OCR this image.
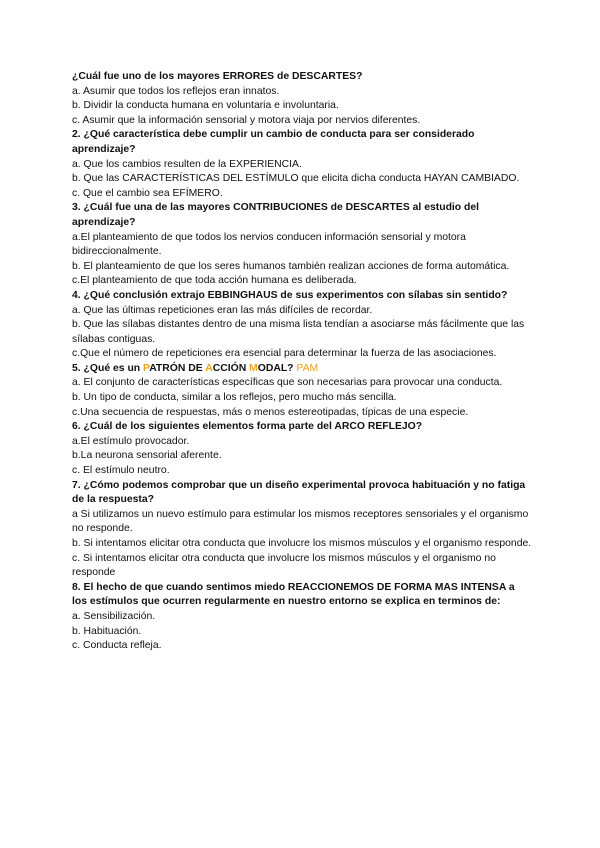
¿Cuál fue uno de los mayores ERRORES de DESCARTES?

a. Asumir que todos los reflejos eran innatos.

b. Dividir la conducta humana en voluntaria e involuntaria.

c. Asumir que la información sensorial y motora viaja por nervios diferentes.

2. ¿Qué característica debe cumplir un cambio de conducta para ser considerado aprendizaje?

a. Que los cambios resulten de la EXPERIENCIA.

b. Que las CARACTERÍSTICAS DEL ESTÍMULO que elicita dicha conducta HAYAN CAMBIADO.

c. Que el cambio sea EFÍMERO.

3. ¿Cuál fue una de las mayores CONTRIBUCIONES de DESCARTES al estudio del aprendizaje?

a.El planteamiento de que todos los nervios conducen información sensorial y motora bidireccionalmente.

b. El planteamiento de que los seres humanos también realizan acciones de forma automática.

c.El planteamiento de que toda acción humana es deliberada.

4. ¿Qué conclusión extrajo EBBINGHAUS de sus experimentos con sílabas sin sentido?

a. Que las últimas repeticiones eran las más difíciles de recordar.

b. Que las sílabas distantes dentro de una misma lista tendían a asociarse más fácilmente que las sílabas contiguas.

c.Que el número de repeticiones era esencial para determinar la fuerza de las asociaciones.

5. ¿Qué es un PATRÓN DE ACCIÓN MODAL? PAM

a. El conjunto de características específicas que son necesarias para provocar una conducta.

b. Un tipo de conducta, similar a los reflejos, pero mucho más sencilla.

c.Una secuencia de respuestas, más o menos estereotipadas, típicas de una especie.

6. ¿Cuál de los siguientes elementos forma parte del ARCO REFLEJO?

a.El estímulo provocador.

b.La neurona sensorial aferente.

c. El estímulo neutro.

7. ¿Cómo podemos comprobar que un diseño experimental provoca habituación y no fatiga de la respuesta?

a Si utilizamos un nuevo estímulo para estimular los mismos receptores sensoriales y el organismo no responde.

b. Si intentamos elicitar otra conducta que involucre los mismos músculos y el organismo responde.

c. Si intentamos elicitar otra conducta que involucre los mismos músculos y el organismo no responde

8. El hecho de que cuando sentimos miedo REACCIONEMOS DE FORMA MAS INTENSA a los estímulos que ocurren regularmente en nuestro entorno se explica en terminos de:

a. Sensibilización.

b. Habituación.

c. Conducta refleja.
